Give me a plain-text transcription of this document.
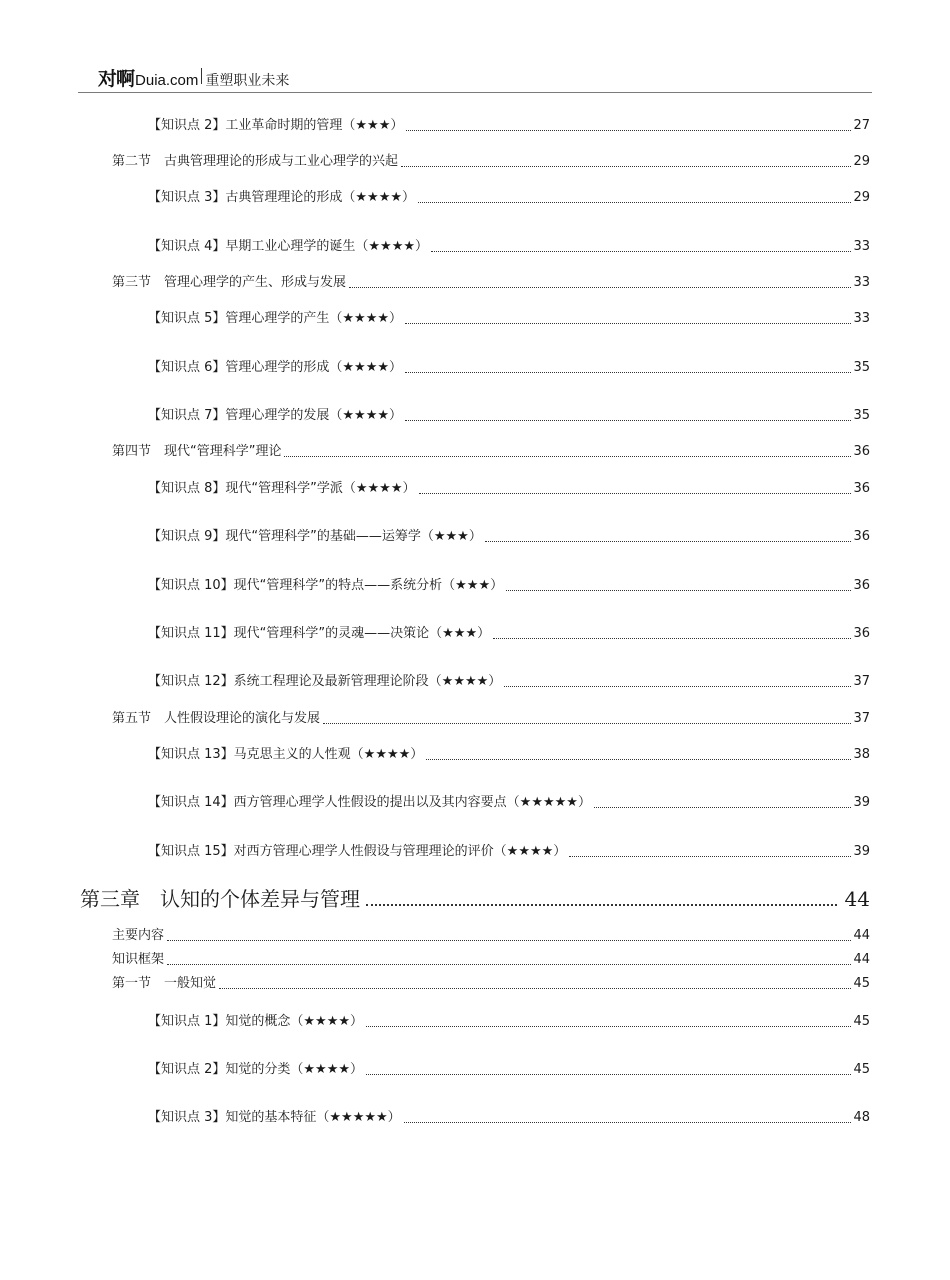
对啊 Duia.com 重塑职业未来
【知识点 2】工业革命时期的管理（★★★）	27
第二节　古典管理理论的形成与工业心理学的兴起	29
【知识点 3】古典管理理论的形成（★★★★）	29
【知识点 4】早期工业心理学的诞生（★★★★）	33
第三节　管理心理学的产生、形成与发展	33
【知识点 5】管理心理学的产生（★★★★）	33
【知识点 6】管理心理学的形成（★★★★）	35
【知识点 7】管理心理学的发展（★★★★）	35
第四节　现代“管理科学”理论	36
【知识点 8】现代“管理科学”学派（★★★★）	36
【知识点 9】现代“管理科学”的基础——运筹学（★★★）	36
【知识点 10】现代“管理科学”的特点——系统分析（★★★）	36
【知识点 11】现代“管理科学”的灵魂——决策论（★★★）	36
【知识点 12】系统工程理论及最新管理理论阶段（★★★★）	37
第五节　人性假设理论的演化与发展	37
【知识点 13】马克思主义的人性观（★★★★）	38
【知识点 14】西方管理心理学人性假设的提出以及其内容要点（★★★★★）	39
【知识点 15】对西方管理心理学人性假设与管理理论的评价（★★★★）	39
第三章　认知的个体差异与管理	44
主要内容	44
知识框架	44
第一节　一般知觉	45
【知识点 1】知觉的概念（★★★★）	45
【知识点 2】知觉的分类（★★★★）	45
【知识点 3】知觉的基本特征（★★★★★）	48
